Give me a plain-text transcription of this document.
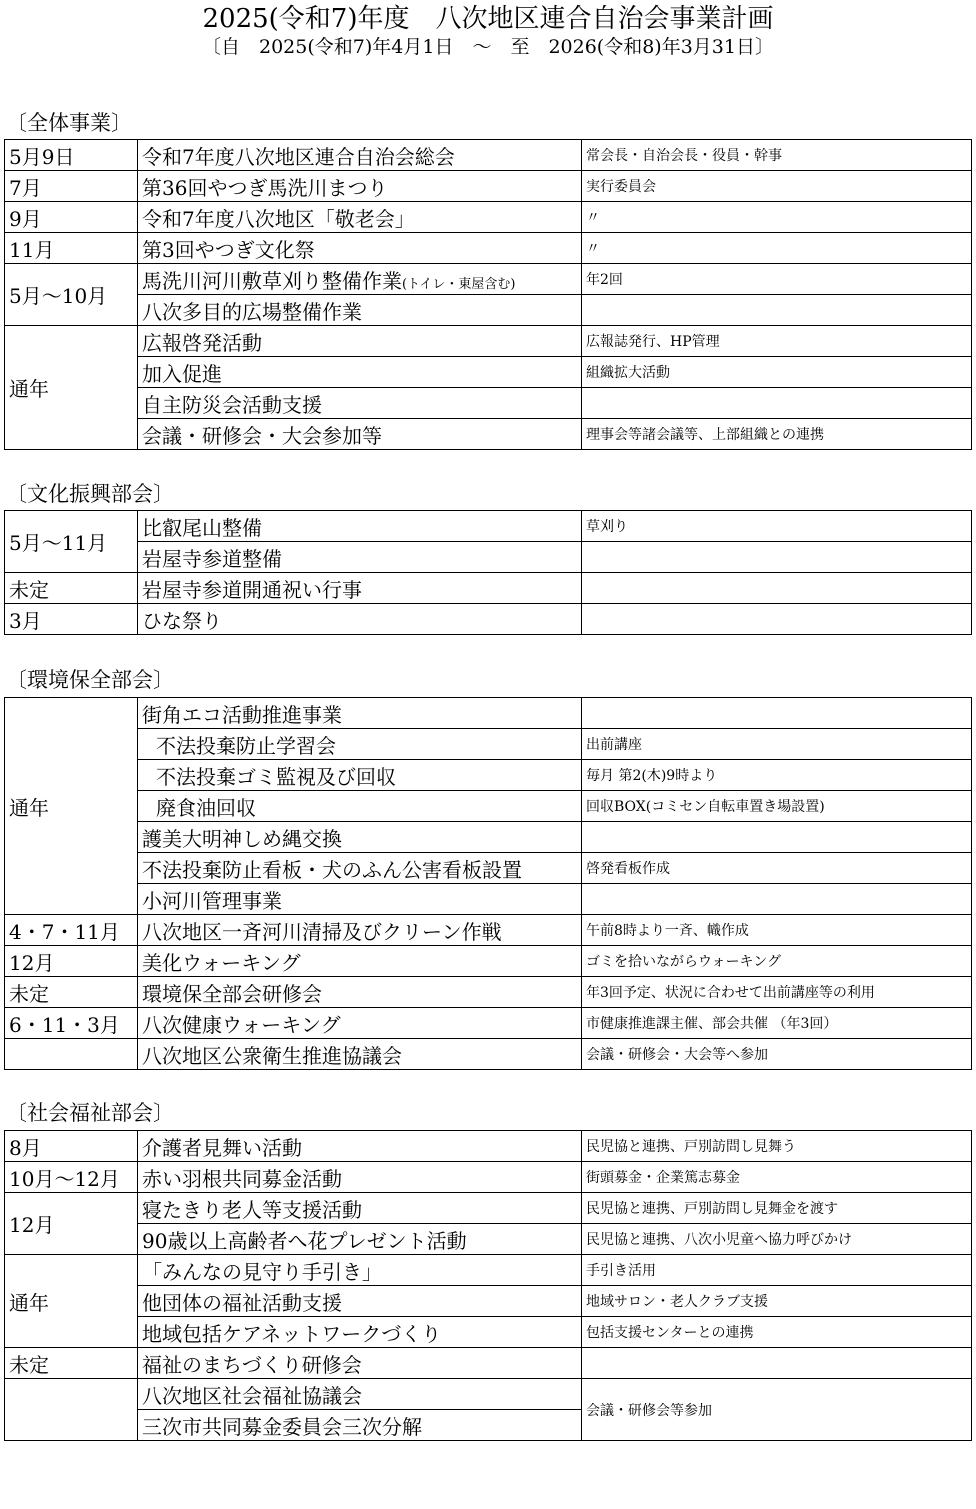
2025(令和7)年度　八次地区連合自治会事業計画
〔自　2025(令和7)年4月1日　～　至　2026(令和8)年3月31日〕
〔全体事業〕
5月9日	令和7年度八次地区連合自治会総会	常会長・自治会長・役員・幹事
7月	第36回やつぎ馬洗川まつり	実行委員会
9月	令和7年度八次地区「敬老会」	〃
11月	第3回やつぎ文化祭	〃
5月～10月	馬洗川河川敷草刈り整備作業(トイレ・東屋含む)	年2回
	八次多目的広場整備作業	
通年	広報啓発活動	広報誌発行、HP管理
	加入促進	組織拡大活動
	自主防災会活動支援	
	会議・研修会・大会参加等	理事会等諸会議等、上部組織との連携
〔文化振興部会〕
5月～11月	比叡尾山整備	草刈り
	岩屋寺参道整備	
未定	岩屋寺参道開通祝い行事	
3月	ひな祭り	
〔環境保全部会〕
通年	街角エコ活動推進事業	
	不法投棄防止学習会	出前講座
	不法投棄ゴミ監視及び回収	毎月 第2(木)9時より
	廃食油回収	回収BOX(コミセン自転車置き場設置)
	護美大明神しめ縄交換	
	不法投棄防止看板・犬のふん公害看板設置	啓発看板作成
	小河川管理事業	
4・7・11月	八次地区一斉河川清掃及びクリーン作戦	午前8時より一斉、幟作成
12月	美化ウォーキング	ゴミを拾いながらウォーキング
未定	環境保全部会研修会	年3回予定、状況に合わせて出前講座等の利用
6・11・3月	八次健康ウォーキング	市健康推進課主催、部会共催 （年3回）
	八次地区公衆衛生推進協議会	会議・研修会・大会等へ参加
〔社会福祉部会〕
8月	介護者見舞い活動	民児協と連携、戸別訪問し見舞う
10月～12月	赤い羽根共同募金活動	街頭募金・企業篤志募金
12月	寝たきり老人等支援活動	民児協と連携、戸別訪問し見舞金を渡す
	90歳以上高齢者へ花プレゼント活動	民児協と連携、八次小児童へ協力呼びかけ
通年	「みんなの見守り手引き」	手引き活用
	他団体の福祉活動支援	地域サロン・老人クラブ支援
	地域包括ケアネットワークづくり	包括支援センターとの連携
未定	福祉のまちづくり研修会	
	八次地区社会福祉協議会	会議・研修会等参加
	三次市共同募金委員会三次分解	
